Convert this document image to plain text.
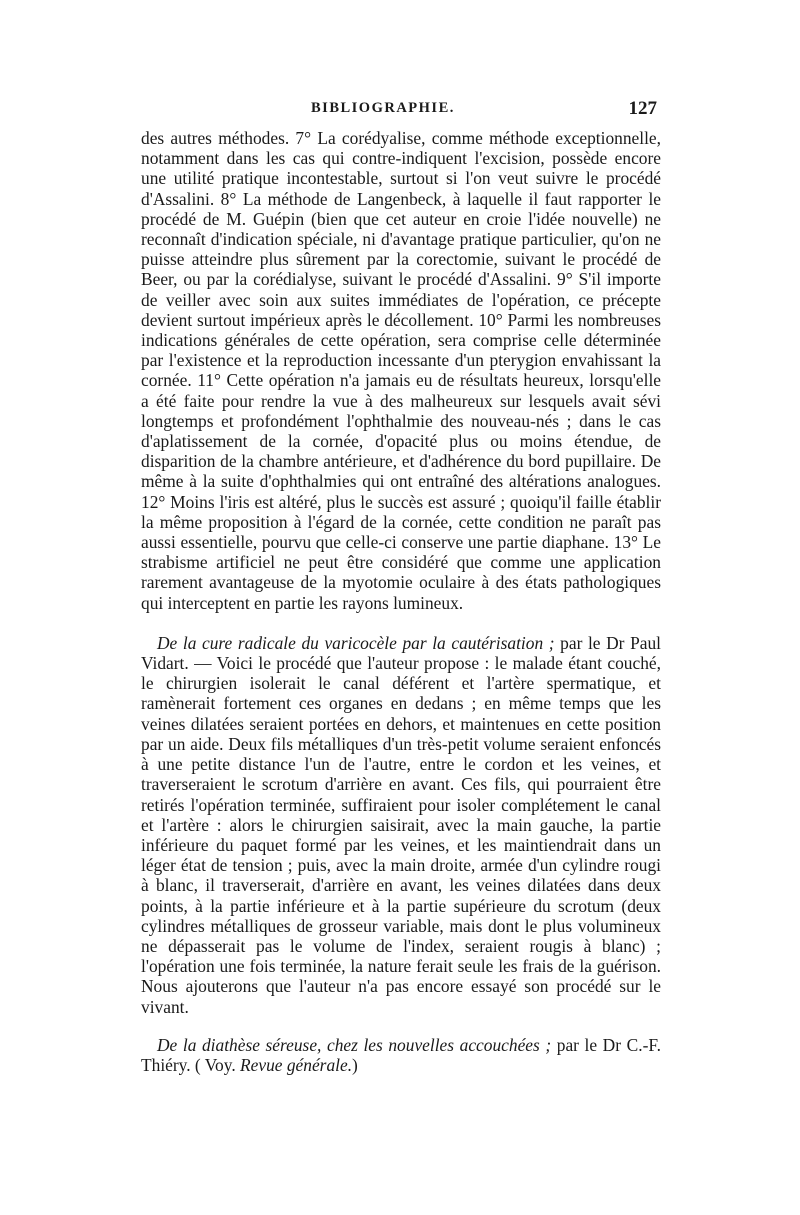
BIBLIOGRAPHIE.	127

des autres méthodes. 7° La corédyalise, comme méthode exceptionnelle, notamment dans les cas qui contre-indiquent l'excision, possède encore une utilité pratique incontestable, surtout si l'on veut suivre le procédé d'Assalini. 8° La méthode de Langenbeck, à laquelle il faut rapporter le procédé de M. Guépin (bien que cet auteur en croie l'idée nouvelle) ne reconnaît d'indication spéciale, ni d'avantage pratique particulier, qu'on ne puisse atteindre plus sûrement par la corectomie, suivant le procédé de Beer, ou par la corédialyse, suivant le procédé d'Assalini. 9° S'il importe de veiller avec soin aux suites immédiates de l'opération, ce précepte devient surtout impérieux après le décollement. 10° Parmi les nombreuses indications générales de cette opération, sera comprise celle déterminée par l'existence et la reproduction incessante d'un pterygion envahissant la cornée. 11° Cette opération n'a jamais eu de résultats heureux, lorsqu'elle a été faite pour rendre la vue à des malheureux sur lesquels avait sévi longtemps et profondément l'ophthalmie des nouveau-nés ; dans le cas d'aplatissement de la cornée, d'opacité plus ou moins étendue, de disparition de la chambre antérieure, et d'adhérence du bord pupillaire. De même à la suite d'ophthalmies qui ont entraîné des altérations analogues. 12° Moins l'iris est altéré, plus le succès est assuré ; quoiqu'il faille établir la même proposition à l'égard de la cornée, cette condition ne paraît pas aussi essentielle, pourvu que celle-ci conserve une partie diaphane. 13° Le strabisme artificiel ne peut être considéré que comme une application rarement avantageuse de la myotomie oculaire à des états pathologiques qui interceptent en partie les rayons lumineux.

De la cure radicale du varicocèle par la cautérisation ; par le Dr Paul Vidart. — Voici le procédé que l'auteur propose : le malade étant couché, le chirurgien isolerait le canal déférent et l'artère spermatique, et ramènerait fortement ces organes en dedans ; en même temps que les veines dilatées seraient portées en dehors, et maintenues en cette position par un aide. Deux fils métalliques d'un très-petit volume seraient enfoncés à une petite distance l'un de l'autre, entre le cordon et les veines, et traverseraient le scrotum d'arrière en avant. Ces fils, qui pourraient être retirés l'opération terminée, suffiraient pour isoler complétement le canal et l'artère : alors le chirurgien saisirait, avec la main gauche, la partie inférieure du paquet formé par les veines, et les maintiendrait dans un léger état de tension ; puis, avec la main droite, armée d'un cylindre rougi à blanc, il traverserait, d'arrière en avant, les veines dilatées dans deux points, à la partie inférieure et à la partie supérieure du scrotum (deux cylindres métalliques de grosseur variable, mais dont le plus volumineux ne dépasserait pas le volume de l'index, seraient rougis à blanc) ; l'opération une fois terminée, la nature ferait seule les frais de la guérison. Nous ajouterons que l'auteur n'a pas encore essayé son procédé sur le vivant.

De la diathèse séreuse, chez les nouvelles accouchées ; par le Dr C.-F. Thiéry. ( Voy. Revue générale.)
